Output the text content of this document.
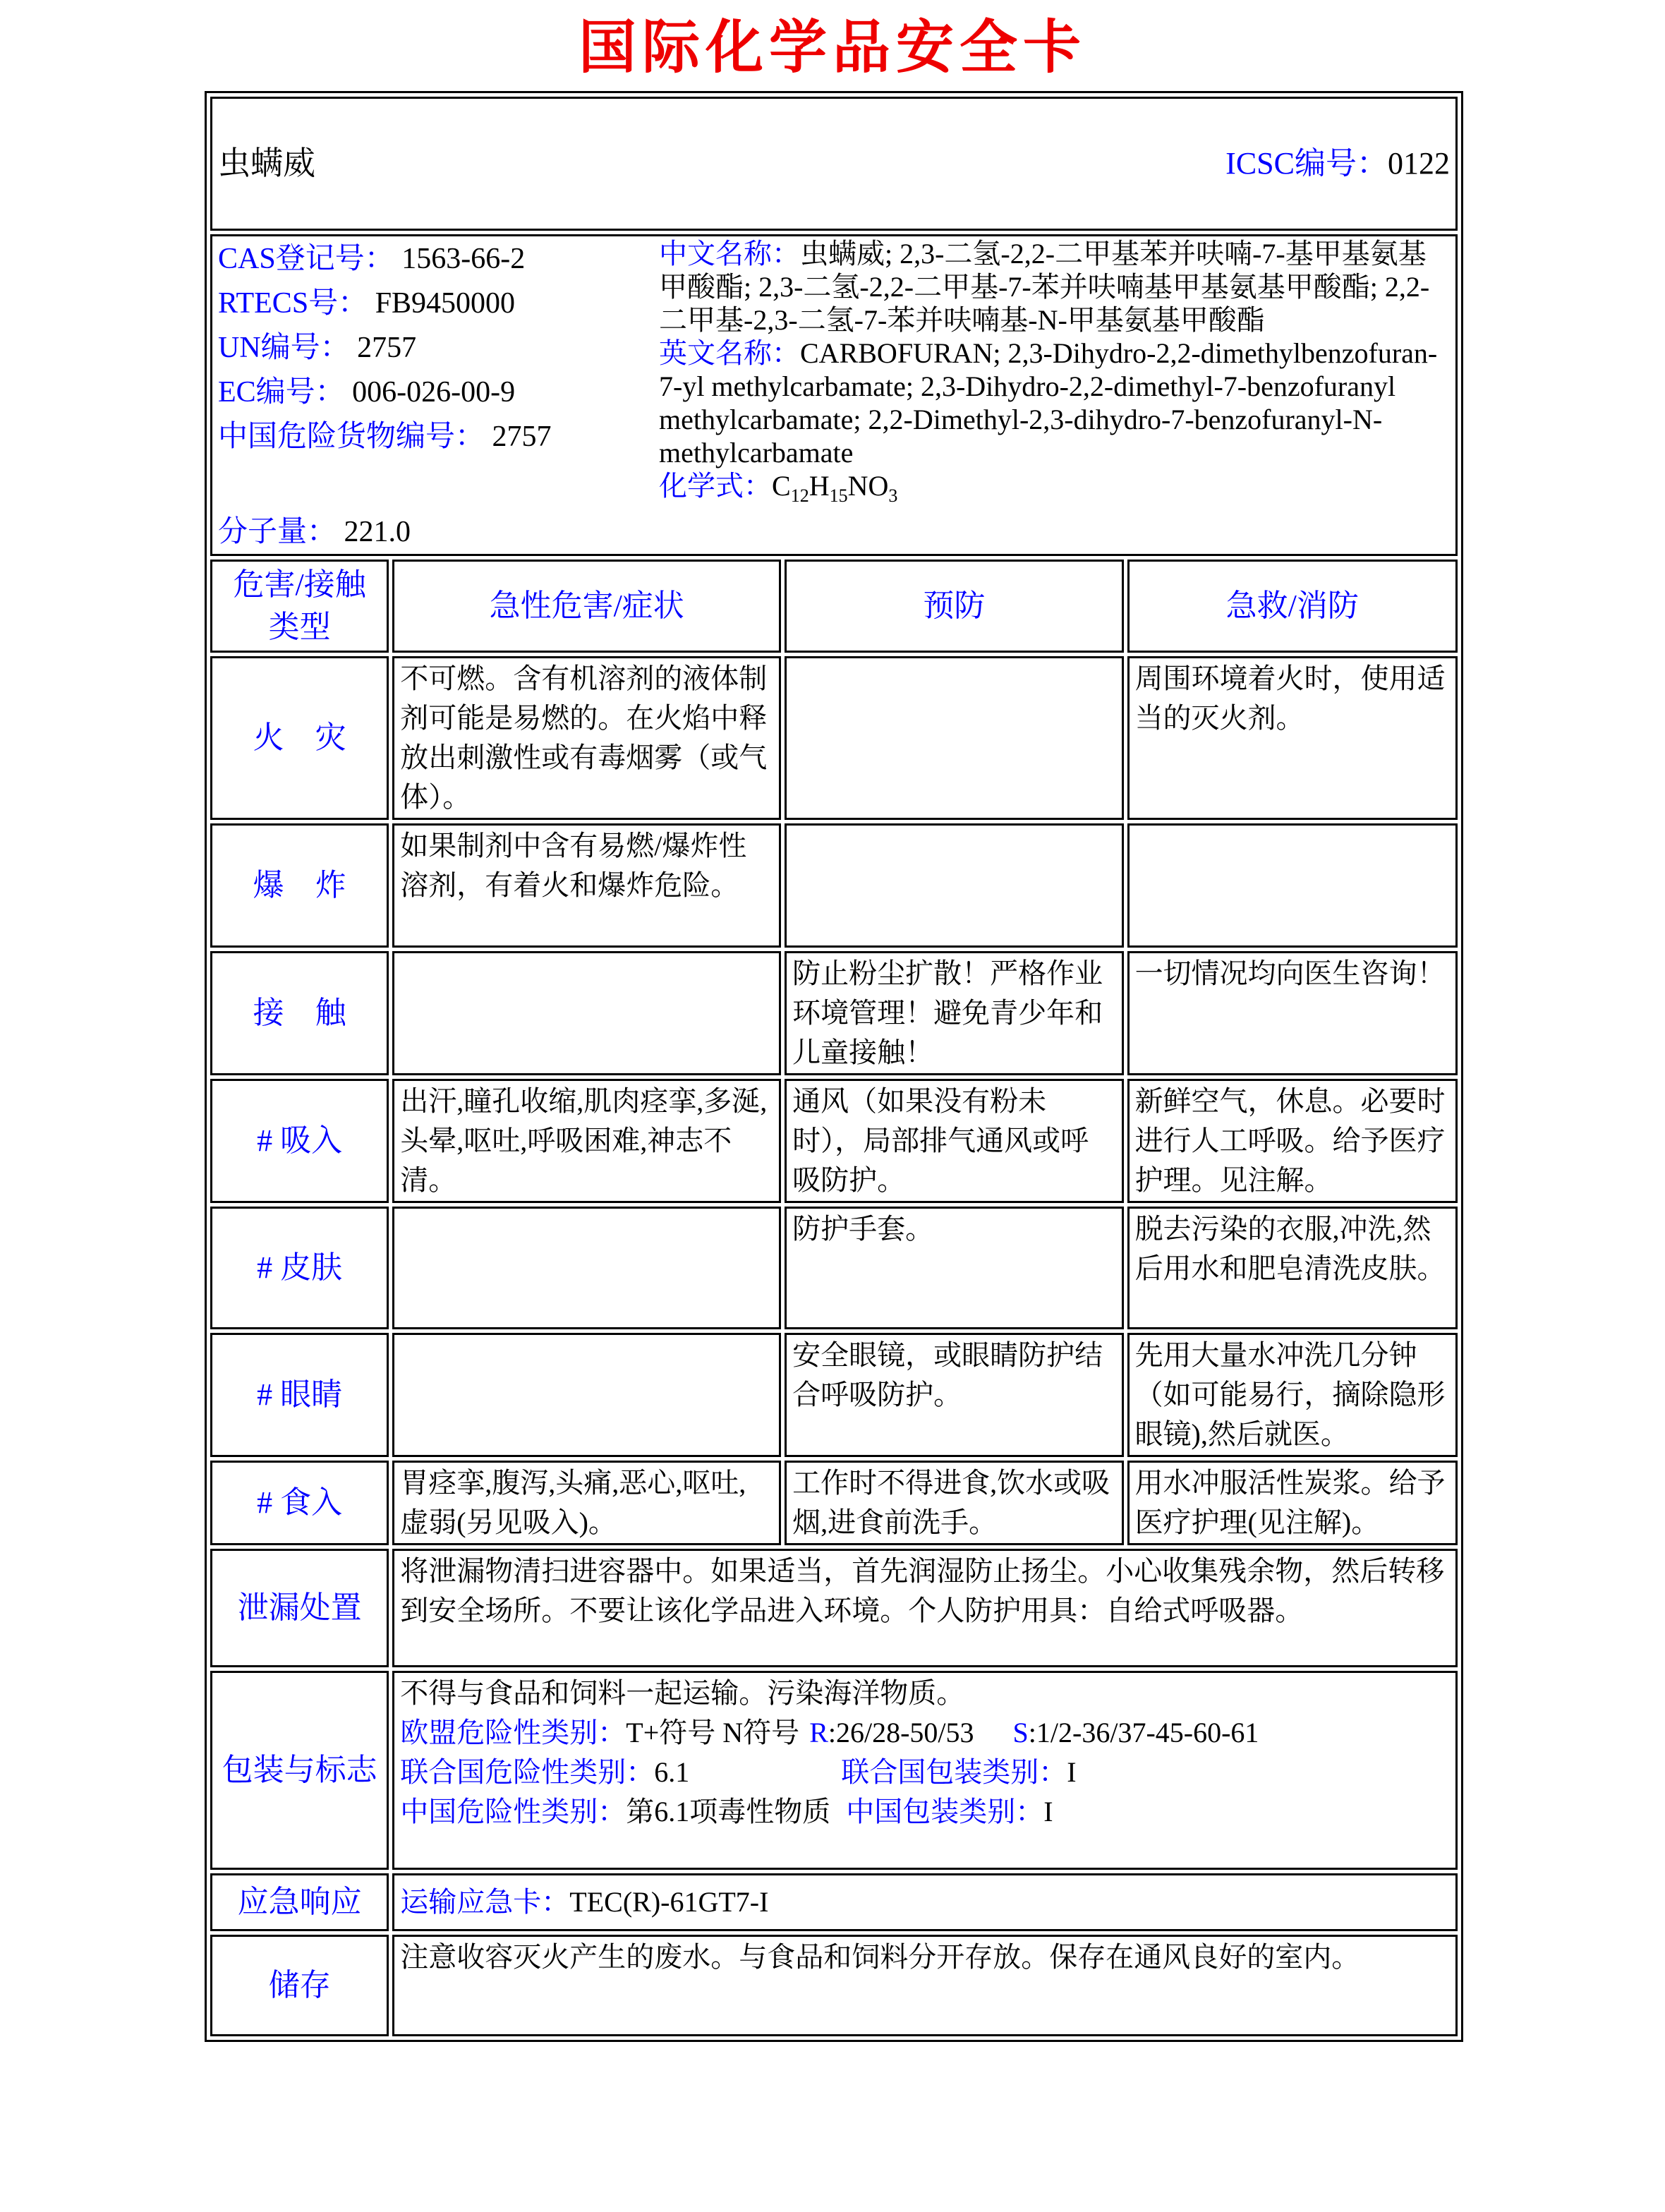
国际化学品安全卡
虫螨威 ICSC编号：0122			

CAS登记号： 1563-66-2
RTECS号： FB9450000
UN编号： 2757
EC编号： 006-026-00-9
中国危险货物编号： 2757
分子量： 221.0
中文名称：虫螨威; 2,3-二氢-2,2-二甲基苯并呋喃-7-基甲基氨基甲酸酯; 2,3-二氢-2,2-二甲基-7-苯并呋喃基甲基氨基甲酸酯; 2,2-二甲基-2,3-二氢-7-苯并呋喃基-N-甲基氨基甲酸酯
英文名称：CARBOFURAN; 2,3-Dihydro-2,2-dimethylbenzofuran-7-yl methylcarbamate; 2,3-Dihydro-2,2-dimethyl-7-benzofuranyl methylcarbamate; 2,2-Dimethyl-2,3-dihydro-7-benzofuranyl-N-methylcarbamate
化学式：$C_{12}H_{15}NO_3$

危害/接触类型	急性危害/症状	预防	急救/消防
火　灾	不可燃。含有机溶剂的液体制剂可能是易燃的。在火焰中释放出刺激性或有毒烟雾（或气体）。		周围环境着火时，使用适当的灭火剂。
爆　炸	如果制剂中含有易燃/爆炸性溶剂，有着火和爆炸危险。		
接　触		防止粉尘扩散！严格作业环境管理！避免青少年和儿童接触！	一切情况均向医生咨询！
# 吸入	出汗,瞳孔收缩,肌肉痉挛,多涎,头晕,呕吐,呼吸困难,神志不清。	通风（如果没有粉未时），局部排气通风或呼吸防护。	新鲜空气，休息。必要时进行人工呼吸。给予医疗护理。见注解。
# 皮肤		防护手套。	脱去污染的衣服,冲洗,然后用水和肥皂清洗皮肤。
# 眼睛		安全眼镜，或眼睛防护结合呼吸防护。	先用大量水冲洗几分钟（如可能易行，摘除隐形眼镜),然后就医。
# 食入	胃痉挛,腹泻,头痛,恶心,呕吐,虚弱(另见吸入)。	工作时不得进食,饮水或吸烟,进食前洗手。	用水冲服活性炭浆。给予医疗护理(见注解)。
泄漏处置	将泄漏物清扫进容器中。如果适当，首先润湿防止扬尘。小心收集残余物，然后转移到安全场所。不要让该化学品进入环境。个人防护用具：自给式呼吸器。		
包装与标志	不得与食品和饲料一起运输。污染海洋物质。
欧盟危险性类别：T+符号 N符号 R:26/28-50/53 S:1/2-36/37-45-60-61
联合国危险性类别：6.1 联合国包装类别：I
中国危险性类别：第6.1项毒性物质 中国包装类别：I		

应急响应	运输应急卡：TEC(R)-61GT7-I		
储存	注意收容灭火产生的废水。与食品和饲料分开存放。保存在通风良好的室内。		
